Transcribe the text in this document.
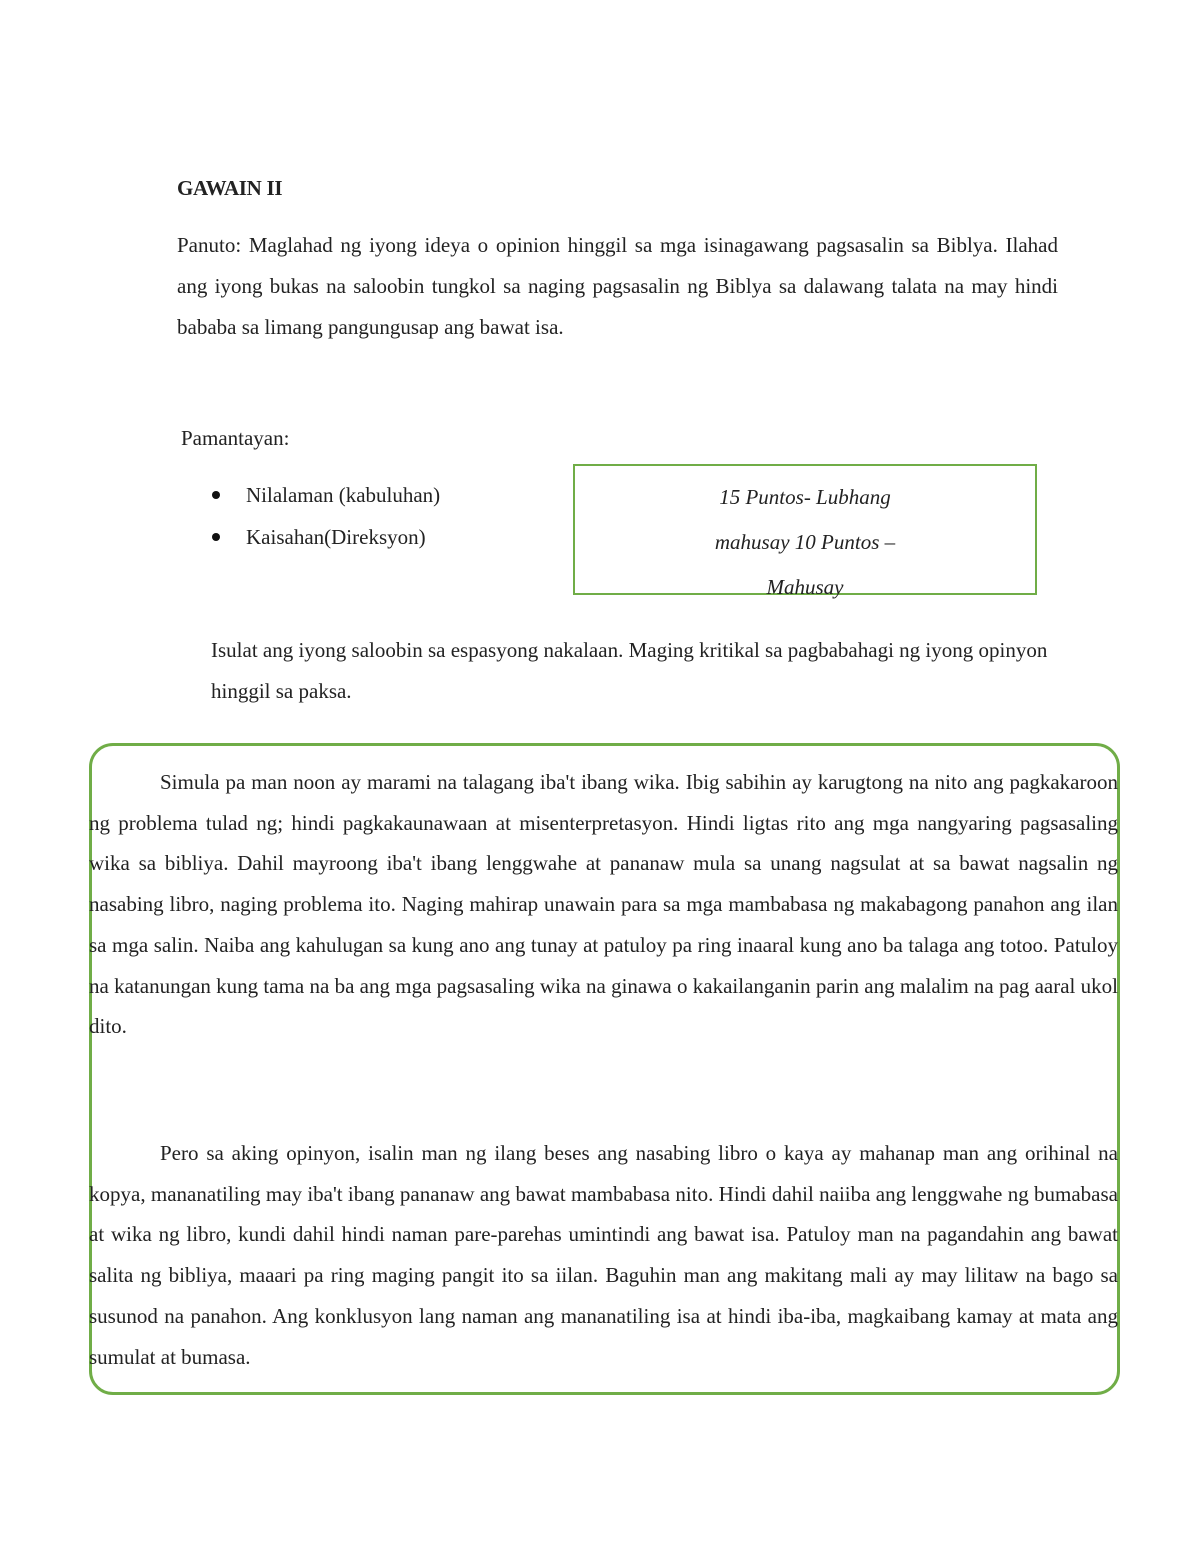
GAWAIN II

Panuto: Maglahad ng iyong ideya o opinion hinggil sa mga isinagawang pagsasalin sa Biblya. Ilahad ang iyong bukas na saloobin tungkol sa naging pagsasalin ng Biblya sa dalawang talata na may hindi bababa sa limang pangungusap ang bawat isa.

Pamantayan:
Nilalaman (kabuluhan)
Kaisahan(Direksyon)
15 Puntos- Lubhang
mahusay 10 Puntos –
Mahusay

Isulat ang iyong saloobin sa espasyong nakalaan. Maging kritikal sa pagbabahagi ng iyong opinyon hinggil sa paksa.

Simula pa man noon ay marami na talagang iba't ibang wika. Ibig sabihin ay karugtong na nito ang pagkakaroon ng problema tulad ng; hindi pagkakaunawaan at misenterpretasyon. Hindi ligtas rito ang mga nangyaring pagsasaling wika sa bibliya. Dahil mayroong iba't ibang lenggwahe at pananaw mula sa unang nagsulat at sa bawat nagsalin ng nasabing libro, naging problema ito. Naging mahirap unawain para sa mga mambabasa ng makabagong panahon ang ilan sa mga salin. Naiba ang kahulugan sa kung ano ang tunay at patuloy pa ring inaaral kung ano ba talaga ang totoo. Patuloy na katanungan kung tama na ba ang mga pagsasaling wika na ginawa o kakailanganin parin ang malalim na pag aaral ukol dito.

Pero sa aking opinyon, isalin man ng ilang beses ang nasabing libro o kaya ay mahanap man ang orihinal na kopya, mananatiling may iba't ibang pananaw ang bawat mambabasa nito. Hindi dahil naiiba ang lenggwahe ng bumabasa at wika ng libro, kundi dahil hindi naman pare-parehas umintindi ang bawat isa. Patuloy man na pagandahin ang bawat salita ng bibliya, maaari pa ring maging pangit ito sa iilan. Baguhin man ang makitang mali ay may lilitaw na bago sa susunod na panahon. Ang konklusyon lang naman ang mananatiling isa at hindi iba-iba, magkaibang kamay at mata ang sumulat at bumasa.
